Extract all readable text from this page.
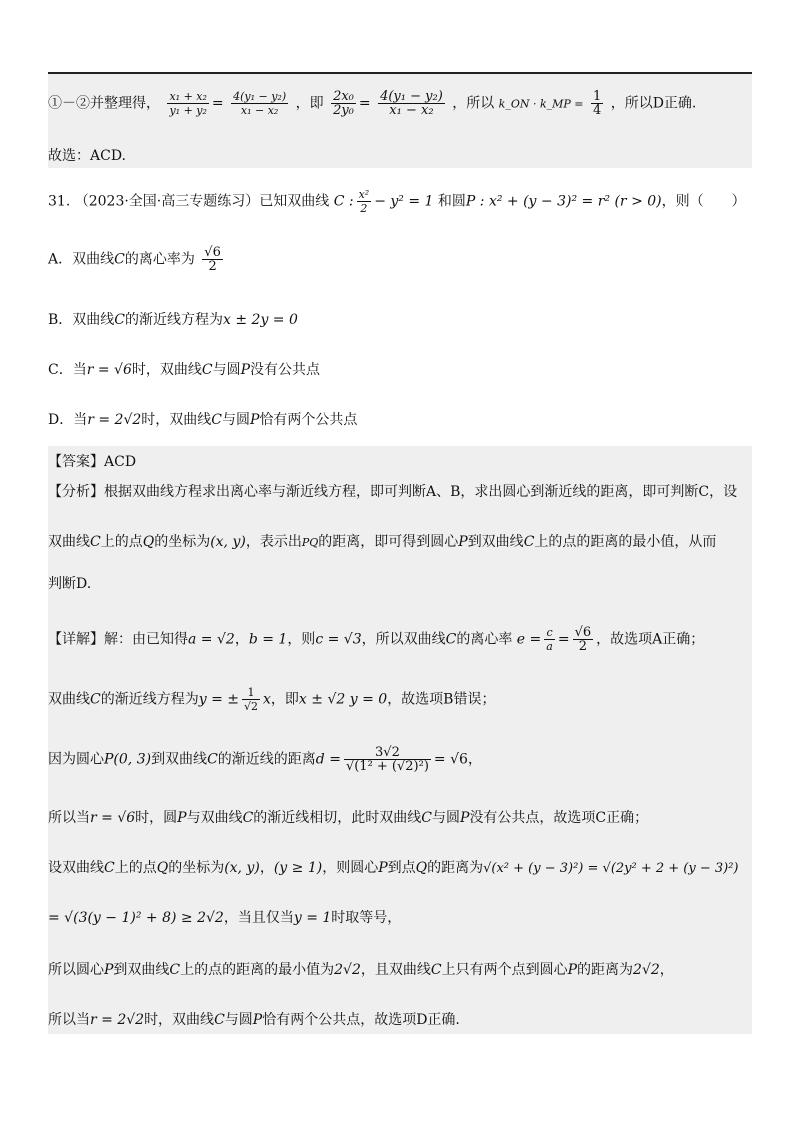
①－②并整理得， $\frac{\text{x₁ + x₂}}{\text{y₁ + y₂}} = \frac{\text{4(y₁ − y₂)}}{\text{x₁ − x₂}}$ ，即 $\frac{\text{2x₀}}{\text{2y₀}} = \frac{\text{4(y₁ − y₂)}}{\text{x₁ − x₂}}$ ，所以 k_ON · k_MP = $\frac{1}{4}$ ，所以D正确.
故选：ACD.
31. （2023·全国·高三专题练习）已知双曲线 C : $\frac{\text{x²}}{2} - y^2 = 1$ 和圆P : x² + (y − 3)² = r² (r > 0)，则（　　）
A．双曲线C的离心率为 $\frac{√6}{2}$
B．双曲线C的渐近线方程为x ± 2y = 0
C．当r = √6时，双曲线C与圆P没有公共点
D．当r = 2√2时，双曲线C与圆P恰有两个公共点
【答案】ACD
【分析】根据双曲线方程求出离心率与渐近线方程，即可判断A、B，求出圆心到渐近线的距离，即可判断C，设
双曲线C上的点Q的坐标为(x, y)，表示出PQ的距离，即可得到圆心P到双曲线C上的点的距离的最小值，从而
判断D.
【详解】解：由已知得a = √2，b = 1，则c = √3，所以双曲线C的离心率 $e = \frac{c}{a} = \frac{√6}{2}$ ，故选项A正确；
双曲线C的渐近线方程为y = ± $\frac{1}{√2}$ x，即x ± √2 y = 0，故选项B错误；
因为圆心P(0, 3)到双曲线C的渐近线的距离$d = \frac{3√2}{\text{√(1² + (√2)²)}} = √6$，
所以当r = √6时，圆P与双曲线C的渐近线相切，此时双曲线C与圆P没有公共点，故选项C正确；
设双曲线C上的点Q的坐标为(x, y)，(y ≥ 1)，则圆心P到点Q的距离为√(x² + (y − 3)²) = √(2y² + 2 + (y − 3)²)
= √(3(y − 1)² + 8) ≥ 2√2，当且仅当y = 1时取等号，
所以圆心P到双曲线C上的点的距离的最小值为2√2，且双曲线C上只有两个点到圆心P的距离为2√2，
所以当r = 2√2时，双曲线C与圆P恰有两个公共点，故选项D正确.
